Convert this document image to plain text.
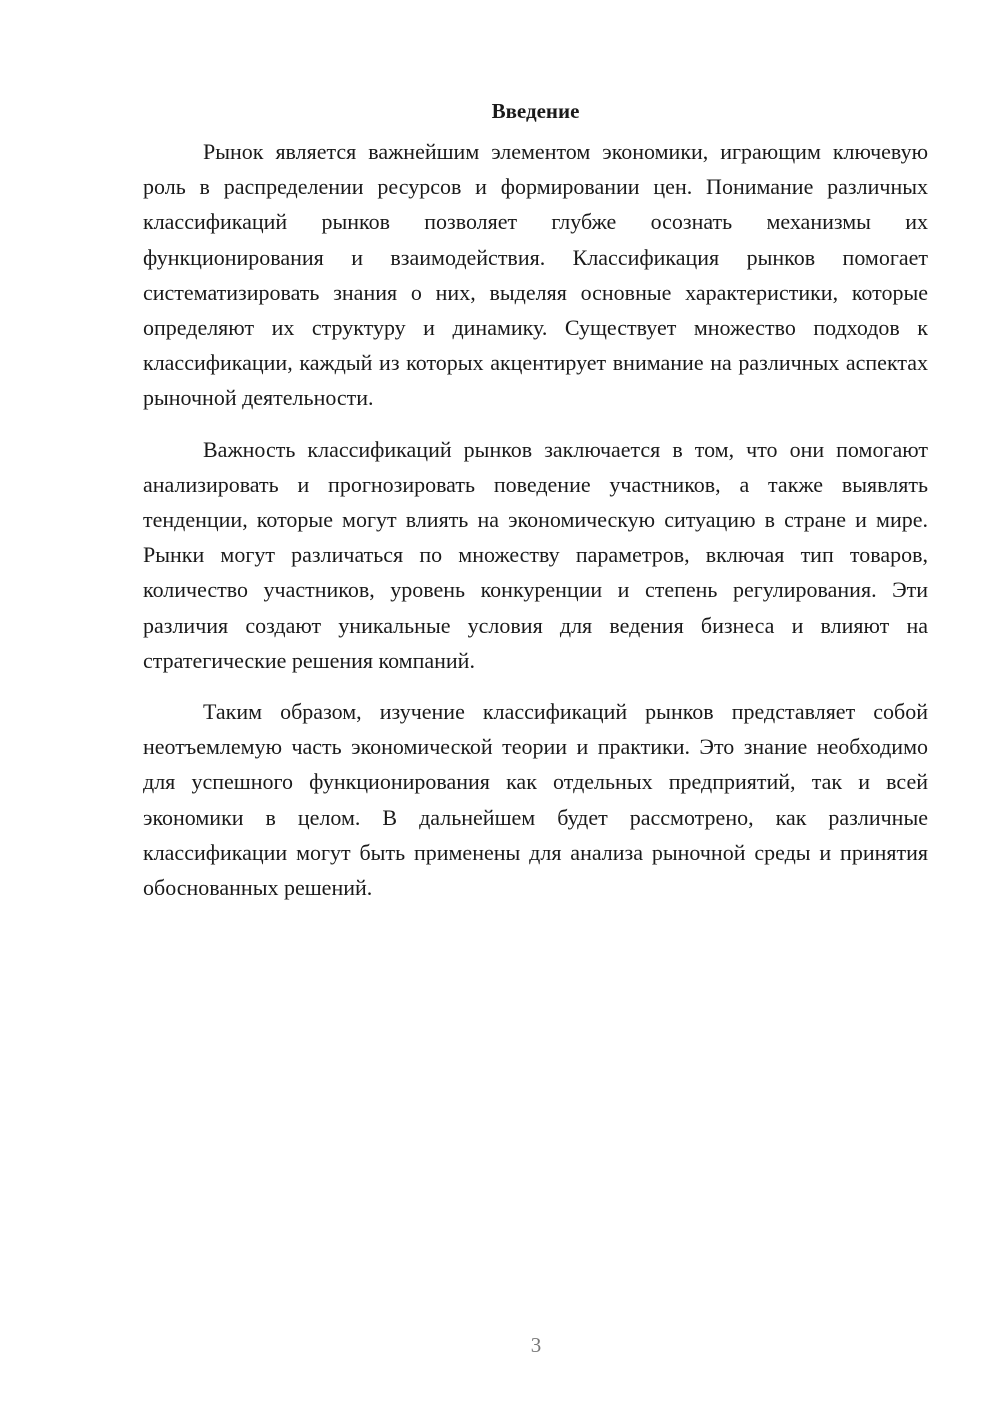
Введение

Рынок является важнейшим элементом экономики, играющим ключевую роль в распределении ресурсов и формировании цен. Понимание различных классификаций рынков позволяет глубже осознать механизмы их функционирования и взаимодействия. Классификация рынков помогает систематизировать знания о них, выделяя основные характеристики, которые определяют их структуру и динамику. Существует множество подходов к классификации, каждый из которых акцентирует внимание на различных аспектах рыночной деятельности.

Важность классификаций рынков заключается в том, что они помогают анализировать и прогнозировать поведение участников, а также выявлять тенденции, которые могут влиять на экономическую ситуацию в стране и мире. Рынки могут различаться по множеству параметров, включая тип товаров, количество участников, уровень конкуренции и степень регулирования. Эти различия создают уникальные условия для ведения бизнеса и влияют на стратегические решения компаний.

Таким образом, изучение классификаций рынков представляет собой неотъемлемую часть экономической теории и практики. Это знание необходимо для успешного функционирования как отдельных предприятий, так и всей экономики в целом. В дальнейшем будет рассмотрено, как различные классификации могут быть применены для анализа рыночной среды и принятия обоснованных решений.

3
